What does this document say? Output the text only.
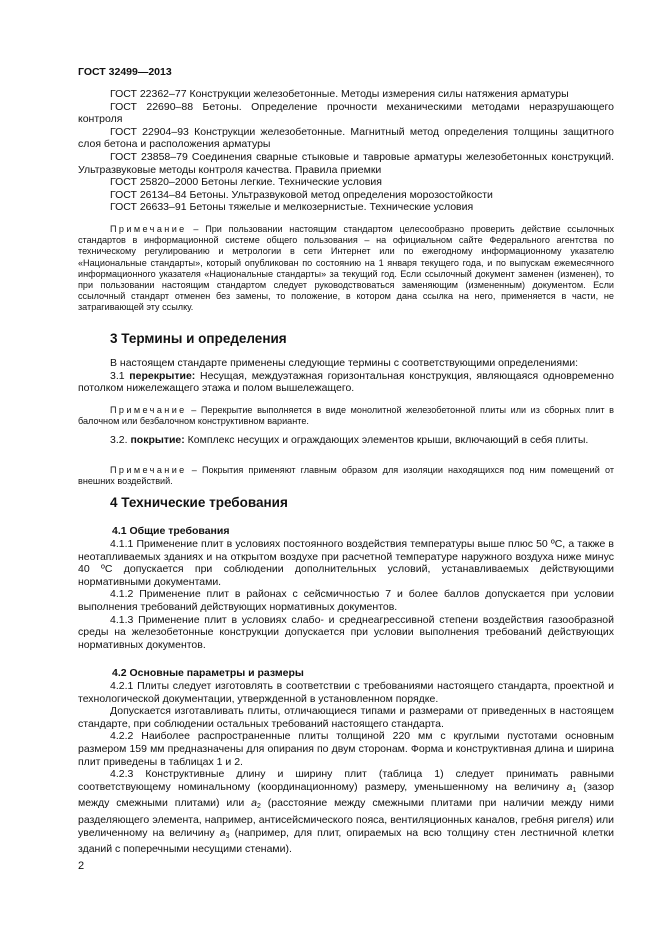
ГОСТ 32499—2013

ГОСТ 22362–77 Конструкции железобетонные. Методы измерения силы натяжения арматуры

ГОСТ 22690–88 Бетоны. Определение прочности механическими методами неразрушающего контроля

ГОСТ 22904–93 Конструкции железобетонные. Магнитный метод определения толщины защитного слоя бетона и расположения арматуры

ГОСТ 23858–79 Соединения сварные стыковые и тавровые арматуры железобетонных конструкций. Ультразвуковые методы контроля качества. Правила приемки

ГОСТ 25820–2000 Бетоны легкие. Технические условия

ГОСТ 26134–84 Бетоны. Ультразвуковой метод определения морозостойкости

ГОСТ 26633–91 Бетоны тяжелые и мелкозернистые. Технические условия

Примечание – При пользовании настоящим стандартом целесообразно проверить действие ссылочных стандартов в информационной системе общего пользования – на официальном сайте Федерального агентства по техническому регулированию и метрологии в сети Интернет или по ежегодному информационному указателю «Национальные стандарты», который опубликован по состоянию на 1 января текущего года, и по выпускам ежемесячного информационного указателя «Национальные стандарты» за текущий год. Если ссылочный документ заменен (изменен), то при пользовании настоящим стандартом следует руководствоваться заменяющим (измененным) документом. Если ссылочный стандарт отменен без замены, то положение, в котором дана ссылка на него, применяется в части, не затрагивающей эту ссылку.

3 Термины и определения

В настоящем стандарте применены следующие термины с соответствующими определениями:

3.1 перекрытие: Несущая, междуэтажная горизонтальная конструкция, являющаяся одновременно потолком нижележащего этажа и полом вышележащего.

Примечание – Перекрытие выполняется в виде монолитной железобетонной плиты или из сборных плит в балочном или безбалочном конструктивном варианте.

3.2. покрытие: Комплекс несущих и ограждающих элементов крыши, включающий в себя плиты.

Примечание – Покрытия применяют главным образом для изоляции находящихся под ним помещений от внешних воздействий.

4 Технические требования
4.1 Общие требования

4.1.1 Применение плит в условиях постоянного воздействия температуры выше плюс 50 ºС, а также в неотапливаемых зданиях и на открытом воздухе при расчетной температуре наружного воздуха ниже минус 40 ºС допускается при соблюдении дополнительных условий, устанавливаемых действующими нормативными документами.

4.1.2 Применение плит в районах с сейсмичностью 7 и более баллов допускается при условии выполнения требований действующих нормативных документов.

4.1.3 Применение плит в условиях слабо- и среднеагрессивной степени воздействия газообразной среды на железобетонные конструкции допускается при условии выполнения требований действующих нормативных документов.

4.2 Основные параметры и размеры

4.2.1 Плиты следует изготовлять в соответствии с требованиями настоящего стандарта, проектной и технологической документации, утвержденной в установленном порядке.

Допускается изготавливать плиты, отличающиеся типами и размерами от приведенных в настоящем стандарте, при соблюдении остальных требований настоящего стандарта.

4.2.2 Наиболее распространенные плиты толщиной 220 мм с круглыми пустотами основным размером 159 мм предназначены для опирания по двум сторонам. Форма и конструктивная длина и ширина плит приведены в таблицах 1 и 2.

4.2.3 Конструктивные длину и ширину плит (таблица 1) следует принимать равными соответствующему номинальному (координационному) размеру, уменьшенному на величину $a_1$ (зазор между смежными плитами) или $a_2$ (расстояние между смежными плитами при наличии между ними разделяющего элемента, например, антисейсмического пояса, вентиляционных каналов, гребня ригеля) или увеличенному на величину $a_3$ (например, для плит, опираемых на всю толщину стен лестничной клетки зданий с поперечными несущими стенами).

2
